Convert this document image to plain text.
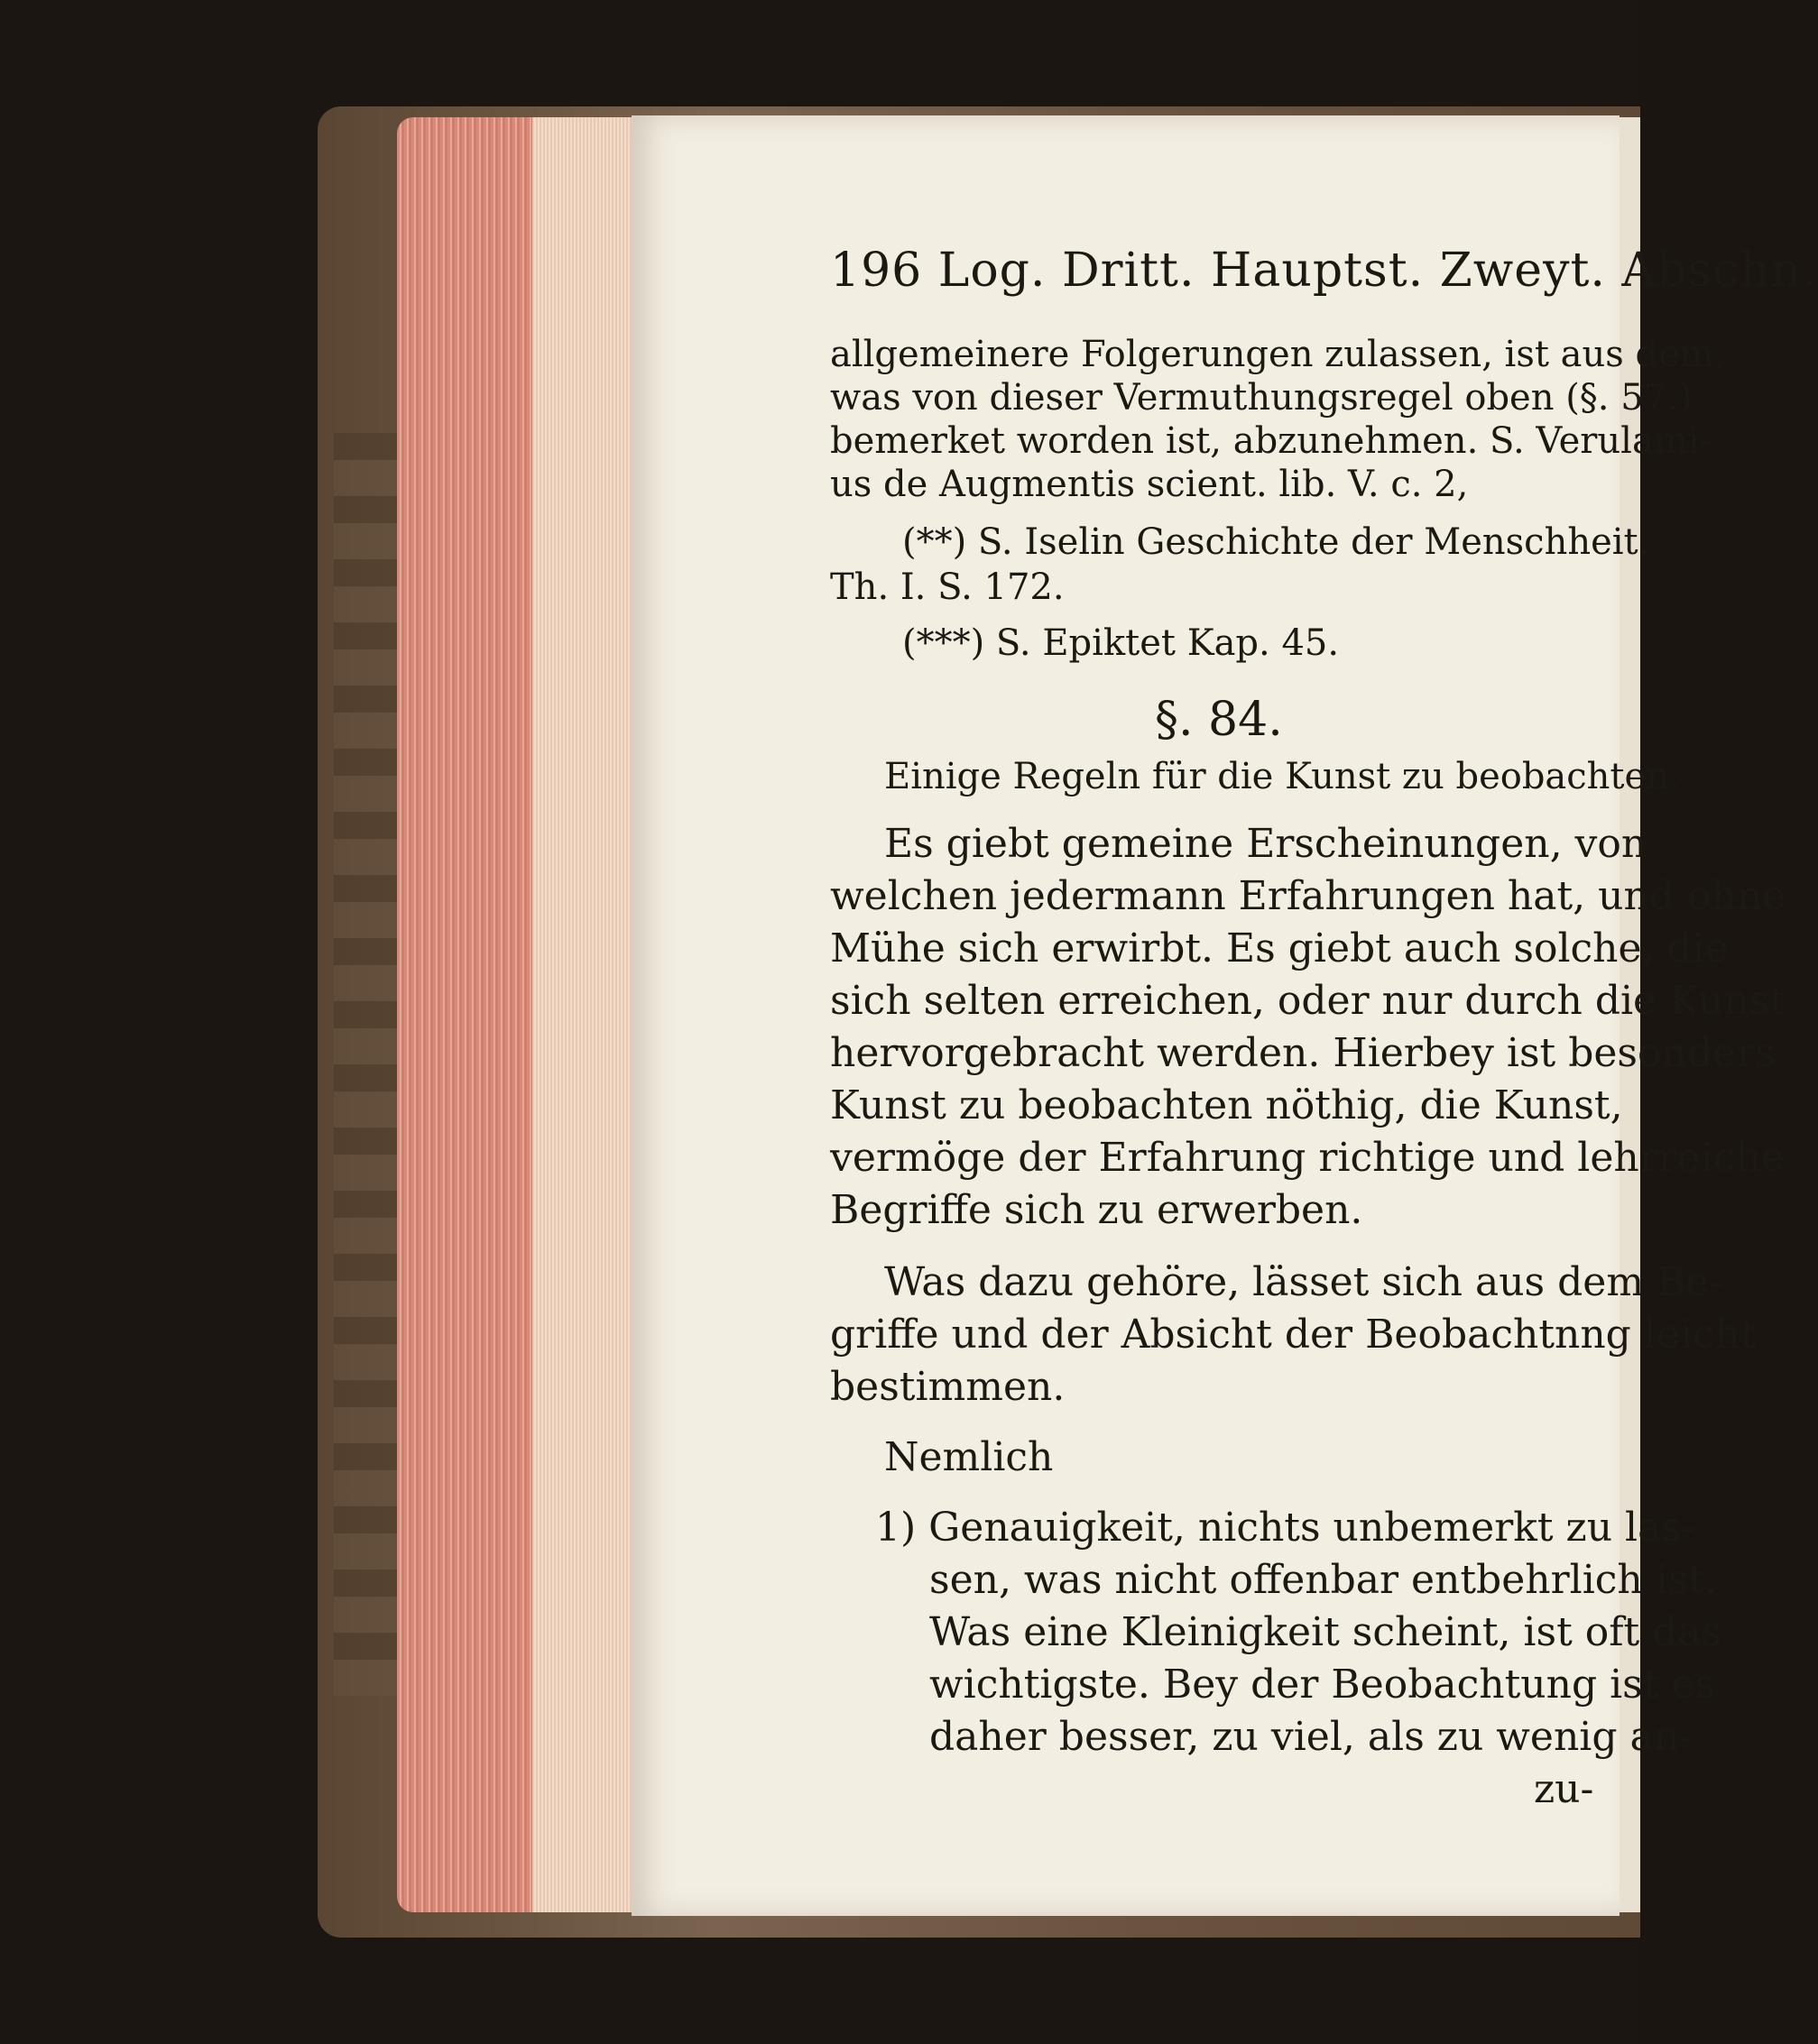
196 Log. Dritt. Hauptst. Zweyt. Abschn.
allgemeinere Folgerungen zulassen, ist aus dem,
was von dieser Vermuthungsregel oben (§. 57.)
bemerket worden ist, abzunehmen. S. Verulami-
us de Augmentis scient. lib. V. c. 2,
(**) S. Iselin Geschichte der Menschheit.
Th. I. S. 172.
(***) S. Epiktet Kap. 45.
§. 84.
Einige Regeln für die Kunst zu beobachten.
Es giebt gemeine Erscheinungen, von
welchen jedermann Erfahrungen hat, und ohne
Mühe sich erwirbt. Es giebt auch solche, die
sich selten erreichen, oder nur durch die Kunst
hervorgebracht werden. Hierbey ist besonders
Kunst zu beobachten nöthig, die Kunst,
vermöge der Erfahrung richtige und lehrreiche
Begriffe sich zu erwerben.
Was dazu gehöre, lässet sich aus dem Be-
griffe und der Absicht der Beobachtnng leicht
bestimmen.
Nemlich
1) Genauigkeit, nichts unbemerkt zu las-
sen, was nicht offenbar entbehrlich ist.
Was eine Kleinigkeit scheint, ist oft das
wichtigste. Bey der Beobachtung ist es
daher besser, zu viel, als zu wenig an-
zu-
